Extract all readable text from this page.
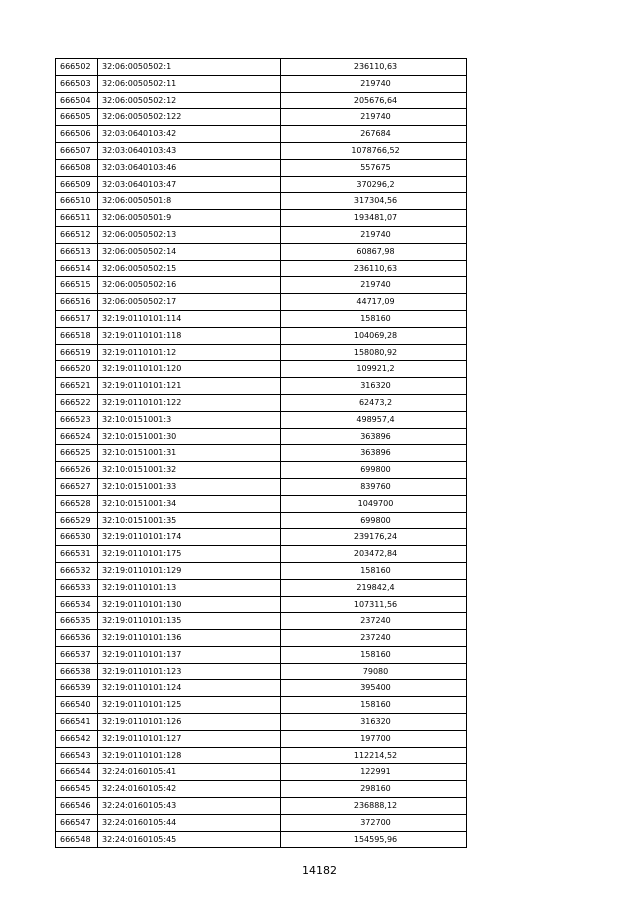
666502	32:06:0050502:1	236110,63
666503	32:06:0050502:11	219740
666504	32:06:0050502:12	205676,64
666505	32:06:0050502:122	219740
666506	32:03:0640103:42	267684
666507	32:03:0640103:43	1078766,52
666508	32:03:0640103:46	557675
666509	32:03:0640103:47	370296,2
666510	32:06:0050501:8	317304,56
666511	32:06:0050501:9	193481,07
666512	32:06:0050502:13	219740
666513	32:06:0050502:14	60867,98
666514	32:06:0050502:15	236110,63
666515	32:06:0050502:16	219740
666516	32:06:0050502:17	44717,09
666517	32:19:0110101:114	158160
666518	32:19:0110101:118	104069,28
666519	32:19:0110101:12	158080,92
666520	32:19:0110101:120	109921,2
666521	32:19:0110101:121	316320
666522	32:19:0110101:122	62473,2
666523	32:10:0151001:3	498957,4
666524	32:10:0151001:30	363896
666525	32:10:0151001:31	363896
666526	32:10:0151001:32	699800
666527	32:10:0151001:33	839760
666528	32:10:0151001:34	1049700
666529	32:10:0151001:35	699800
666530	32:19:0110101:174	239176,24
666531	32:19:0110101:175	203472,84
666532	32:19:0110101:129	158160
666533	32:19:0110101:13	219842,4
666534	32:19:0110101:130	107311,56
666535	32:19:0110101:135	237240
666536	32:19:0110101:136	237240
666537	32:19:0110101:137	158160
666538	32:19:0110101:123	79080
666539	32:19:0110101:124	395400
666540	32:19:0110101:125	158160
666541	32:19:0110101:126	316320
666542	32:19:0110101:127	197700
666543	32:19:0110101:128	112214,52
666544	32:24:0160105:41	122991
666545	32:24:0160105:42	298160
666546	32:24:0160105:43	236888,12
666547	32:24:0160105:44	372700
666548	32:24:0160105:45	154595,96
14182
